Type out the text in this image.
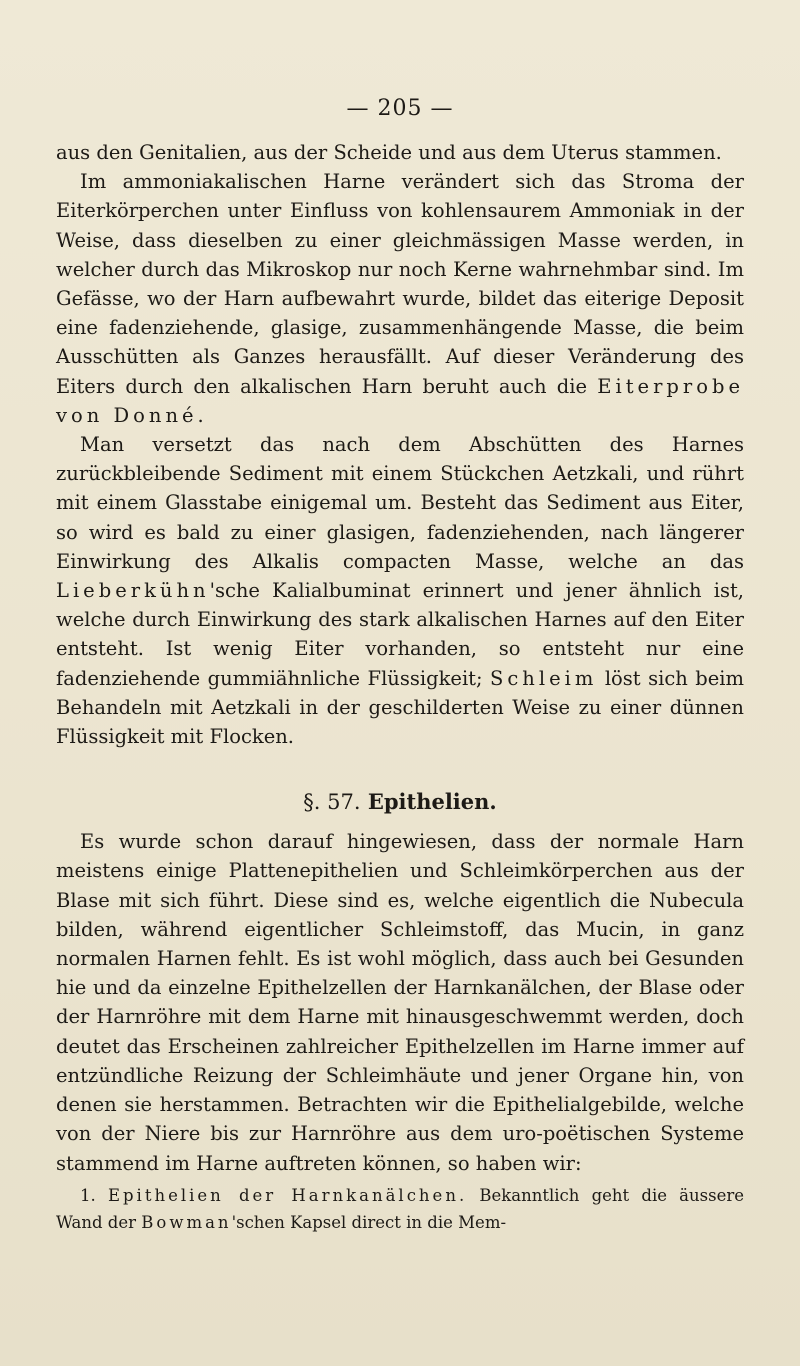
— 205 —

aus den Genitalien, aus der Scheide und aus dem Uterus stammen.

Im ammoniakalischen Harne verändert sich das Stroma der Eiterkörperchen unter Einfluss von kohlensaurem Ammoniak in der Weise, dass dieselben zu einer gleichmässigen Masse werden, in welcher durch das Mikroskop nur noch Kerne wahrnehmbar sind. Im Gefässe, wo der Harn aufbewahrt wurde, bildet das eiterige Deposit eine fadenziehende, glasige, zusammenhängende Masse, die beim Ausschütten als Ganzes herausfällt. Auf dieser Veränderung des Eiters durch den alkalischen Harn beruht auch die Eiterprobe von Donné.

Man versetzt das nach dem Abschütten des Harnes zurückbleibende Sediment mit einem Stückchen Aetzkali, und rührt mit einem Glasstabe einigemal um. Besteht das Sediment aus Eiter, so wird es bald zu einer glasigen, fadenziehenden, nach längerer Einwirkung des Alkalis compacten Masse, welche an das Lieberkühn'sche Kalialbuminat erinnert und jener ähnlich ist, welche durch Einwirkung des stark alkalischen Harnes auf den Eiter entsteht. Ist wenig Eiter vorhanden, so entsteht nur eine fadenziehende gummiähnliche Flüssigkeit; Schleim löst sich beim Behandeln mit Aetzkali in der geschilderten Weise zu einer dünnen Flüssigkeit mit Flocken.

§. 57. Epithelien.

Es wurde schon darauf hingewiesen, dass der normale Harn meistens einige Plattenepithelien und Schleimkörperchen aus der Blase mit sich führt. Diese sind es, welche eigentlich die Nubecula bilden, während eigentlicher Schleimstoff, das Mucin, in ganz normalen Harnen fehlt. Es ist wohl möglich, dass auch bei Gesunden hie und da einzelne Epithelzellen der Harnkanälchen, der Blase oder der Harnröhre mit dem Harne mit hinausgeschwemmt werden, doch deutet das Erscheinen zahlreicher Epithelzellen im Harne immer auf entzündliche Reizung der Schleimhäute und jener Organe hin, von denen sie herstammen. Betrachten wir die Epithelialgebilde, welche von der Niere bis zur Harnröhre aus dem uro-poëtischen Systeme stammend im Harne auftreten können, so haben wir:

1. Epithelien der Harnkanälchen. Bekanntlich geht die äussere Wand der Bowman'schen Kapsel direct in die Mem-
